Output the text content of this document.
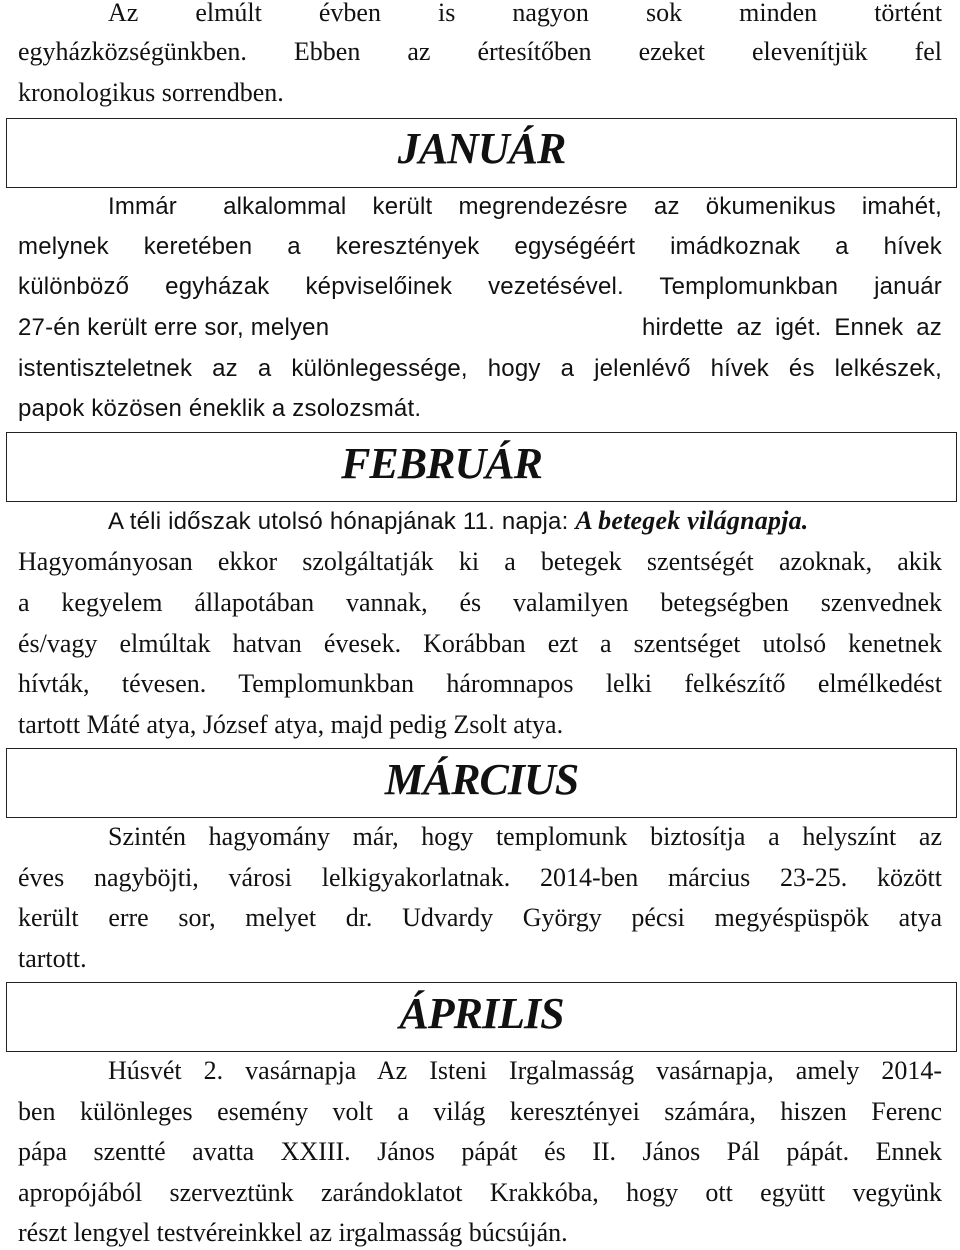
Az elmúlt évben is nagyon sok minden történt
egyházközségünkben. Ebben az értesítőben ezeket elevenítjük fel
kronologikus sorrendben.
JANUÁR
Immár alkalommal került megrendezésre az ökumenikus imahét,
melynek keretében a keresztények egységéért imádkoznak a hívek
különböző egyházak képviselőinek vezetésével. Templomunkban január
27-én került erre sor, melyen	hirdette az igét. Ennek az
istentiszteletnek az a különlegessége, hogy a jelenlévő hívek és lelkészek,
papok közösen éneklik a zsolozsmát.
FEBRUÁR
A téli időszak utolsó hónapjának 11. napja: A betegek világnapja.
Hagyományosan ekkor szolgáltatják ki a betegek szentségét azoknak, akik
a kegyelem állapotában vannak, és valamilyen betegségben szenvednek
és/vagy elmúltak hatvan évesek. Korábban ezt a szentséget utolsó kenetnek
hívták, tévesen. Templomunkban háromnapos lelki felkészítő elmélkedést
tartott Máté atya, József atya, majd pedig Zsolt atya.
MÁRCIUS
Szintén hagyomány már, hogy templomunk biztosítja a helyszínt az
éves nagyböjti, városi lelkigyakorlatnak. 2014-ben március 23-25. között
került erre sor, melyet dr. Udvardy György pécsi megyéspüspök atya
tartott.
ÁPRILIS
Húsvét 2. vasárnapja Az Isteni Irgalmasság vasárnapja, amely 2014-
ben különleges esemény volt a világ keresztényei számára, hiszen Ferenc
pápa szentté avatta XXIII. János pápát és II. János Pál pápát. Ennek
apropójából szerveztünk zarándoklatot Krakkóba, hogy ott együtt vegyünk
részt lengyel testvéreinkkel az irgalmasság búcsúján.
